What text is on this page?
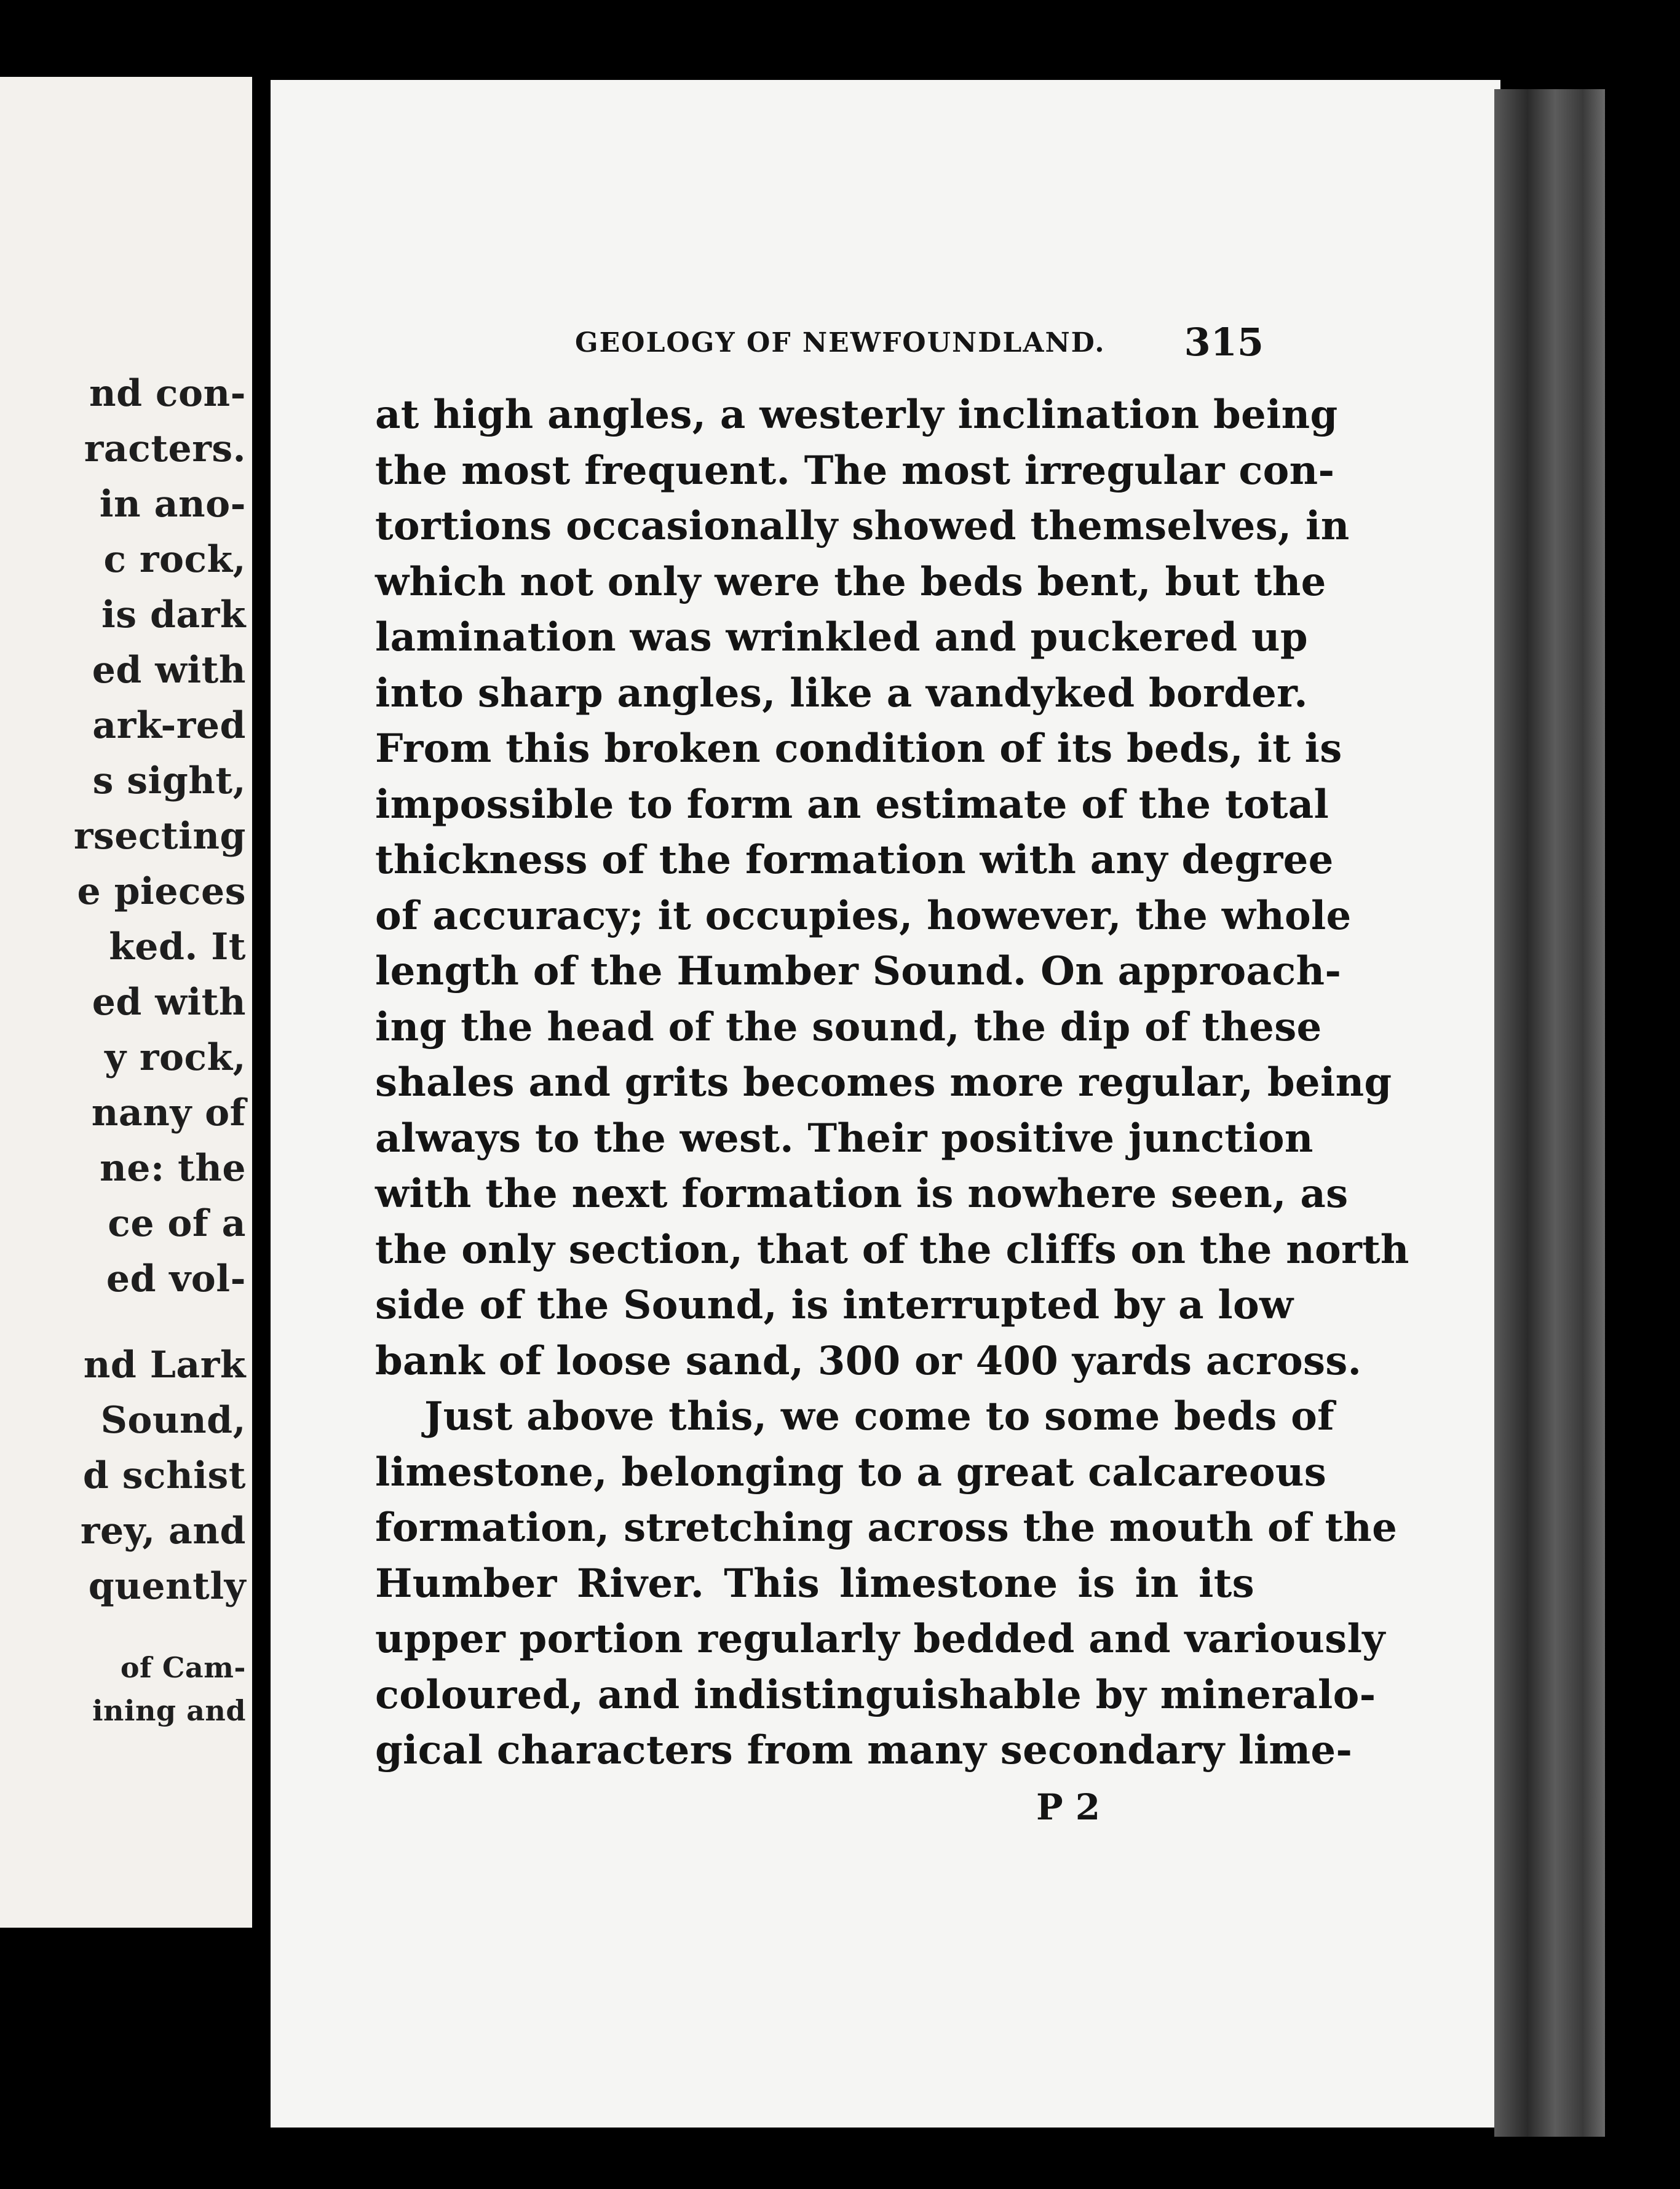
nd con-
racters.
in ano-
c rock,
is dark
ed with
ark-red
s sight,
rsecting
e pieces
ked. It
ed with
y rock,
nany of
ne: the
ce of a
ed vol-
nd Lark
Sound,
d schist
rey, and
quently
of Cam-
ining and
GEOLOGY OF NEWFOUNDLAND. 315
at high angles, a westerly inclination being
the most frequent. The most irregular con-
tortions occasionally showed themselves, in
which not only were the beds bent, but the
lamination was wrinkled and puckered up
into sharp angles, like a vandyked border.
From this broken condition of its beds, it is
impossible to form an estimate of the total
thickness of the formation with any degree
of accuracy; it occupies, however, the whole
length of the Humber Sound. On approach-
ing the head of the sound, the dip of these
shales and grits becomes more regular, being
always to the west. Their positive junction
with the next formation is nowhere seen, as
the only section, that of the cliffs on the north
side of the Sound, is interrupted by a low
bank of loose sand, 300 or 400 yards across.
Just above this, we come to some beds of
limestone, belonging to a great calcareous
formation, stretching across the mouth of the
Humber River. This limestone is in its
upper portion regularly bedded and variously
coloured, and indistinguishable by mineralo-
gical characters from many secondary lime-
P 2
